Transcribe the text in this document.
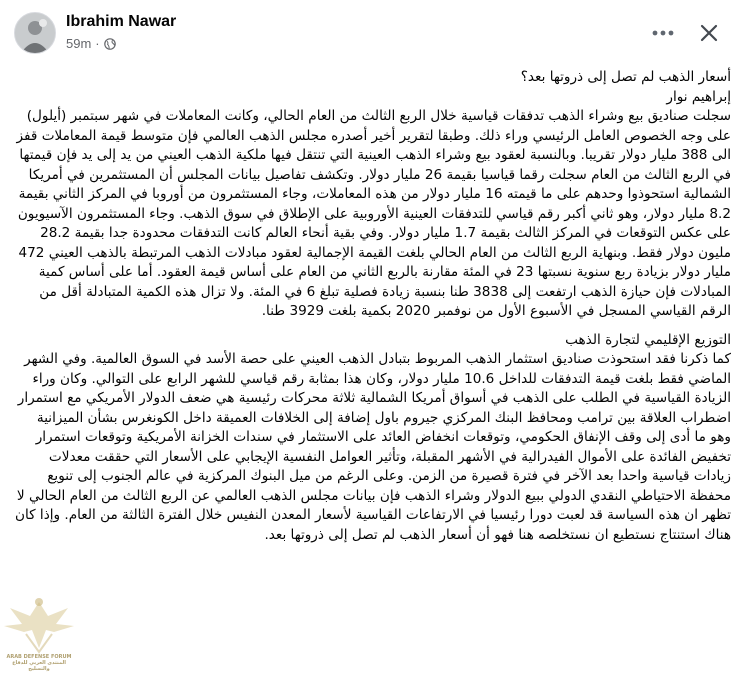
Ibrahim Nawar
59m ·

أسعار الذهب لم تصل إلى ذروتها بعد؟

إبراهيم نوار

سجلت صناديق بيع وشراء الذهب تدفقات قياسية خلال الربع الثالث من العام الحالي، وكانت المعاملات في شهر سبتمبر (أيلول) على وجه الخصوص العامل الرئيسي وراء ذلك. وطبقا لتقرير أخير أصدره مجلس الذهب العالمي فإن متوسط قيمة المعاملات قفز الى 388 مليار دولار تقريبا. وبالنسبة لعقود بيع وشراء الذهب العينية التي تنتقل فيها ملكية الذهب العيني من يد إلى يد فإن قيمتها في الربع الثالث من العام سجلت رقما قياسيا بقيمة 26 مليار دولار. وتكشف تفاصيل بيانات المجلس أن المستثمرين في أمريكا الشمالية استحوذوا وحدهم على ما قيمته 16 مليار دولار من هذه المعاملات، وجاء المستثمرون من أوروبا في المركز الثاني بقيمة 8.2 مليار دولار، وهو ثاني أكبر رقم قياسي للتدفقات العينية الأوروبية على الإطلاق في سوق الذهب. وجاء المستثمرون الآسيويون على عكس التوقعات في المركز الثالث بقيمة 1.7 مليار دولار. وفي بقية أنحاء العالم كانت التدفقات محدودة جدا بقيمة 28.2 مليون دولار فقط. وبنهاية الربع الثالث من العام الحالي بلغت القيمة الإجمالية لعقود مبادلات الذهب المرتبطة بالذهب العيني 472 مليار دولار بزيادة ربع سنوية نسبتها 23 في المئة مقارنة بالربع الثاني من العام على أساس قيمة العقود. أما على أساس كمية المبادلات فإن حيازة الذهب ارتفعت إلى 3838 طنا بنسبة زيادة فصلية تبلغ 6 في المئة. ولا تزال هذه الكمية المتبادلة أقل من الرقم القياسي المسجل في الأسبوع الأول من نوفمبر 2020 بكمية بلغت 3929 طنا.

التوزيع الإقليمي لتجارة الذهب

كما ذكرنا فقد استحوذت صناديق استثمار الذهب المربوط بتبادل الذهب العيني على حصة الأسد في السوق العالمية. وفي الشهر الماضي فقط بلغت قيمة التدفقات للداخل 10.6 مليار دولار، وكان هذا بمثابة رقم قياسي للشهر الرابع على التوالي. وكان وراء الزيادة القياسية في الطلب على الذهب في أسواق أمريكا الشمالية ثلاثة محركات رئيسية هي ضعف الدولار الأمريكي مع استمرار اضطراب العلاقة بين ترامب ومحافظ البنك المركزي جيروم باول إضافة إلى الخلافات العميقة داخل الكونغرس بشأن الميزانية وهو ما أدى إلى وقف الإنفاق الحكومي، وتوقعات انخفاض العائد على الاستثمار في سندات الخزانة الأمريكية وتوقعات استمرار تخفيض الفائدة على الأموال الفيدرالية في الأشهر المقبلة، وتأثير العوامل النفسية الإيجابي على الأسعار التي حققت معدلات زيادات قياسية واحدا بعد الآخر في فترة قصيرة من الزمن. وعلى الرغم من ميل البنوك المركزية في عالم الجنوب إلى تنويع محفظة الاحتياطي النقدي الدولي ببيع الدولار وشراء الذهب فإن بيانات مجلس الذهب العالمي عن الربع الثالث من العام الحالي لا تظهر ان هذه السياسة قد لعبت دورا رئيسيا في الارتفاعات القياسية لأسعار المعدن النفيس خلال الفترة الثالثة من العام. وإذا كان هناك استنتاج نستطيع ان نستخلصه هنا فهو أن أسعار الذهب لم تصل إلى ذروتها بعد.

ARAB DEFENSE FORUM
المنتدى العربي للدفاع والتسليح
